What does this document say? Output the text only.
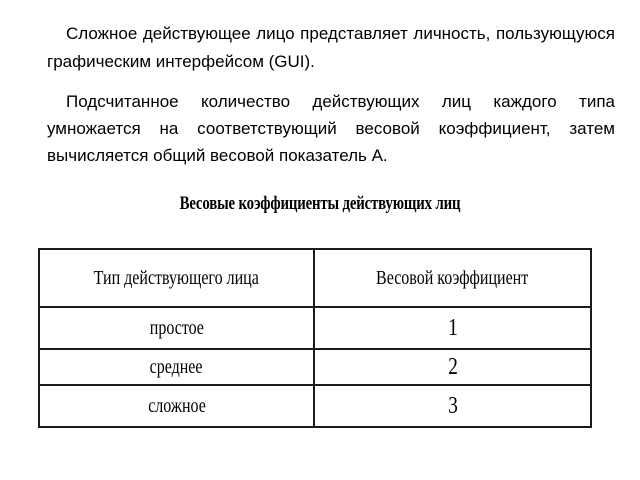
Сложное действующее лицо представляет личность, пользующуюся графическим интерфейсом (GUI).

Подсчитанное количество действующих лиц каждого типа умножается на соответствующий весовой коэффициент, затем вычисляется общий весовой показатель А.

Весовые коэффициенты действующих лиц
Тип действующего лица	Весовой коэффициент
простое	1
среднее	2
сложное	3
